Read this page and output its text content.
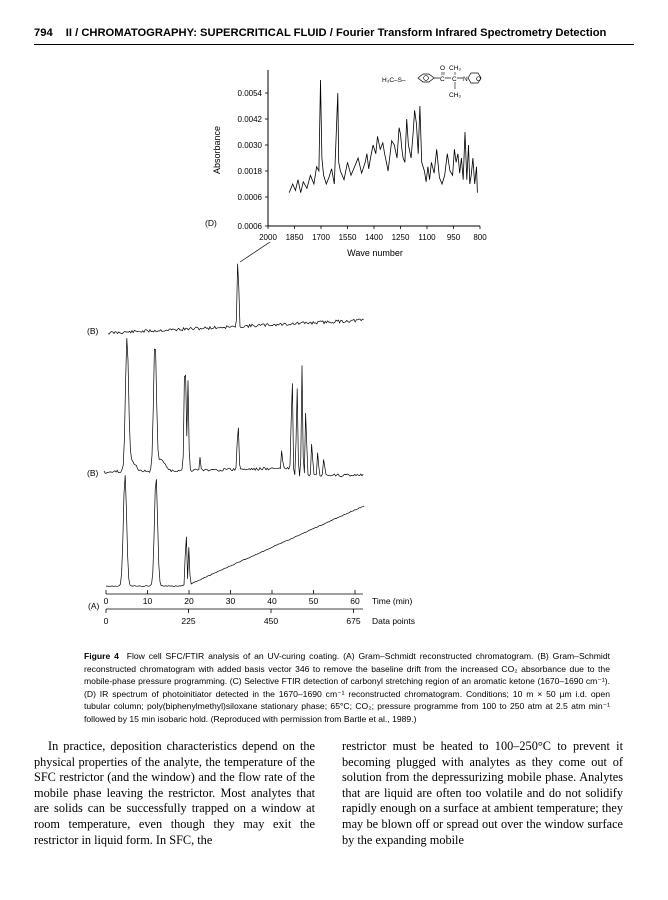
794 II / CHROMATOGRAPHY: SUPERCRITICAL FLUID / Fourier Transform Infrared Spectrometry Detection
0.0054
0.0042
0.0030
0.0018
0.0006
0.0006
2000 1850 1700 1550 1400 1250 1100 950 800
Absorbance
Wave number
(D)
H₃C–S–	C
O
C
CH₃
CH₃
N O
(B)
(B)
(A) 0	10	20	30	40	50	60
0	225	450	675
Time (min)
Data points
Figure 4 Flow cell SFC/FTIR analysis of an UV-curing coating. (A) Gram–Schmidt reconstructed chromatogram. (B) Gram–Schmidt reconstructed chromatogram with added basis vector 346 to remove the baseline drift from the increased CO₂ absorbance due to the mobile-phase pressure programming. (C) Selective FTIR detection of carbonyl stretching region of an aromatic ketone (1670–1690 cm⁻¹). (D) IR spectrum of photoinitiator detected in the 1670–1690 cm⁻¹ reconstructed chromatogram. Conditions; 10 m × 50 µm i.d. open tubular column; poly(biphenylmethyl)siloxane stationary phase; 65°C; CO₂; pressure programme from 100 to 250 atm at 2.5 atm min⁻¹ followed by 15 min isobaric hold. (Reproduced with permission from Bartle et al., 1989.)
In practice, deposition characteristics depend on the physical properties of the analyte, the temperature of the SFC restrictor (and the window) and the flow rate of the mobile phase leaving the restrictor. Most analytes that are solids can be successfully trapped on a window at room temperature, even though they may exit the restrictor in liquid form. In SFC, the
restrictor must be heated to 100–250°C to prevent it becoming plugged with analytes as they come out of solution from the depressurizing mobile phase. Analytes that are liquid are often too volatile and do not solidify rapidly enough on a surface at ambient temperature; they may be blown off or spread out over the window surface by the expanding mobile
